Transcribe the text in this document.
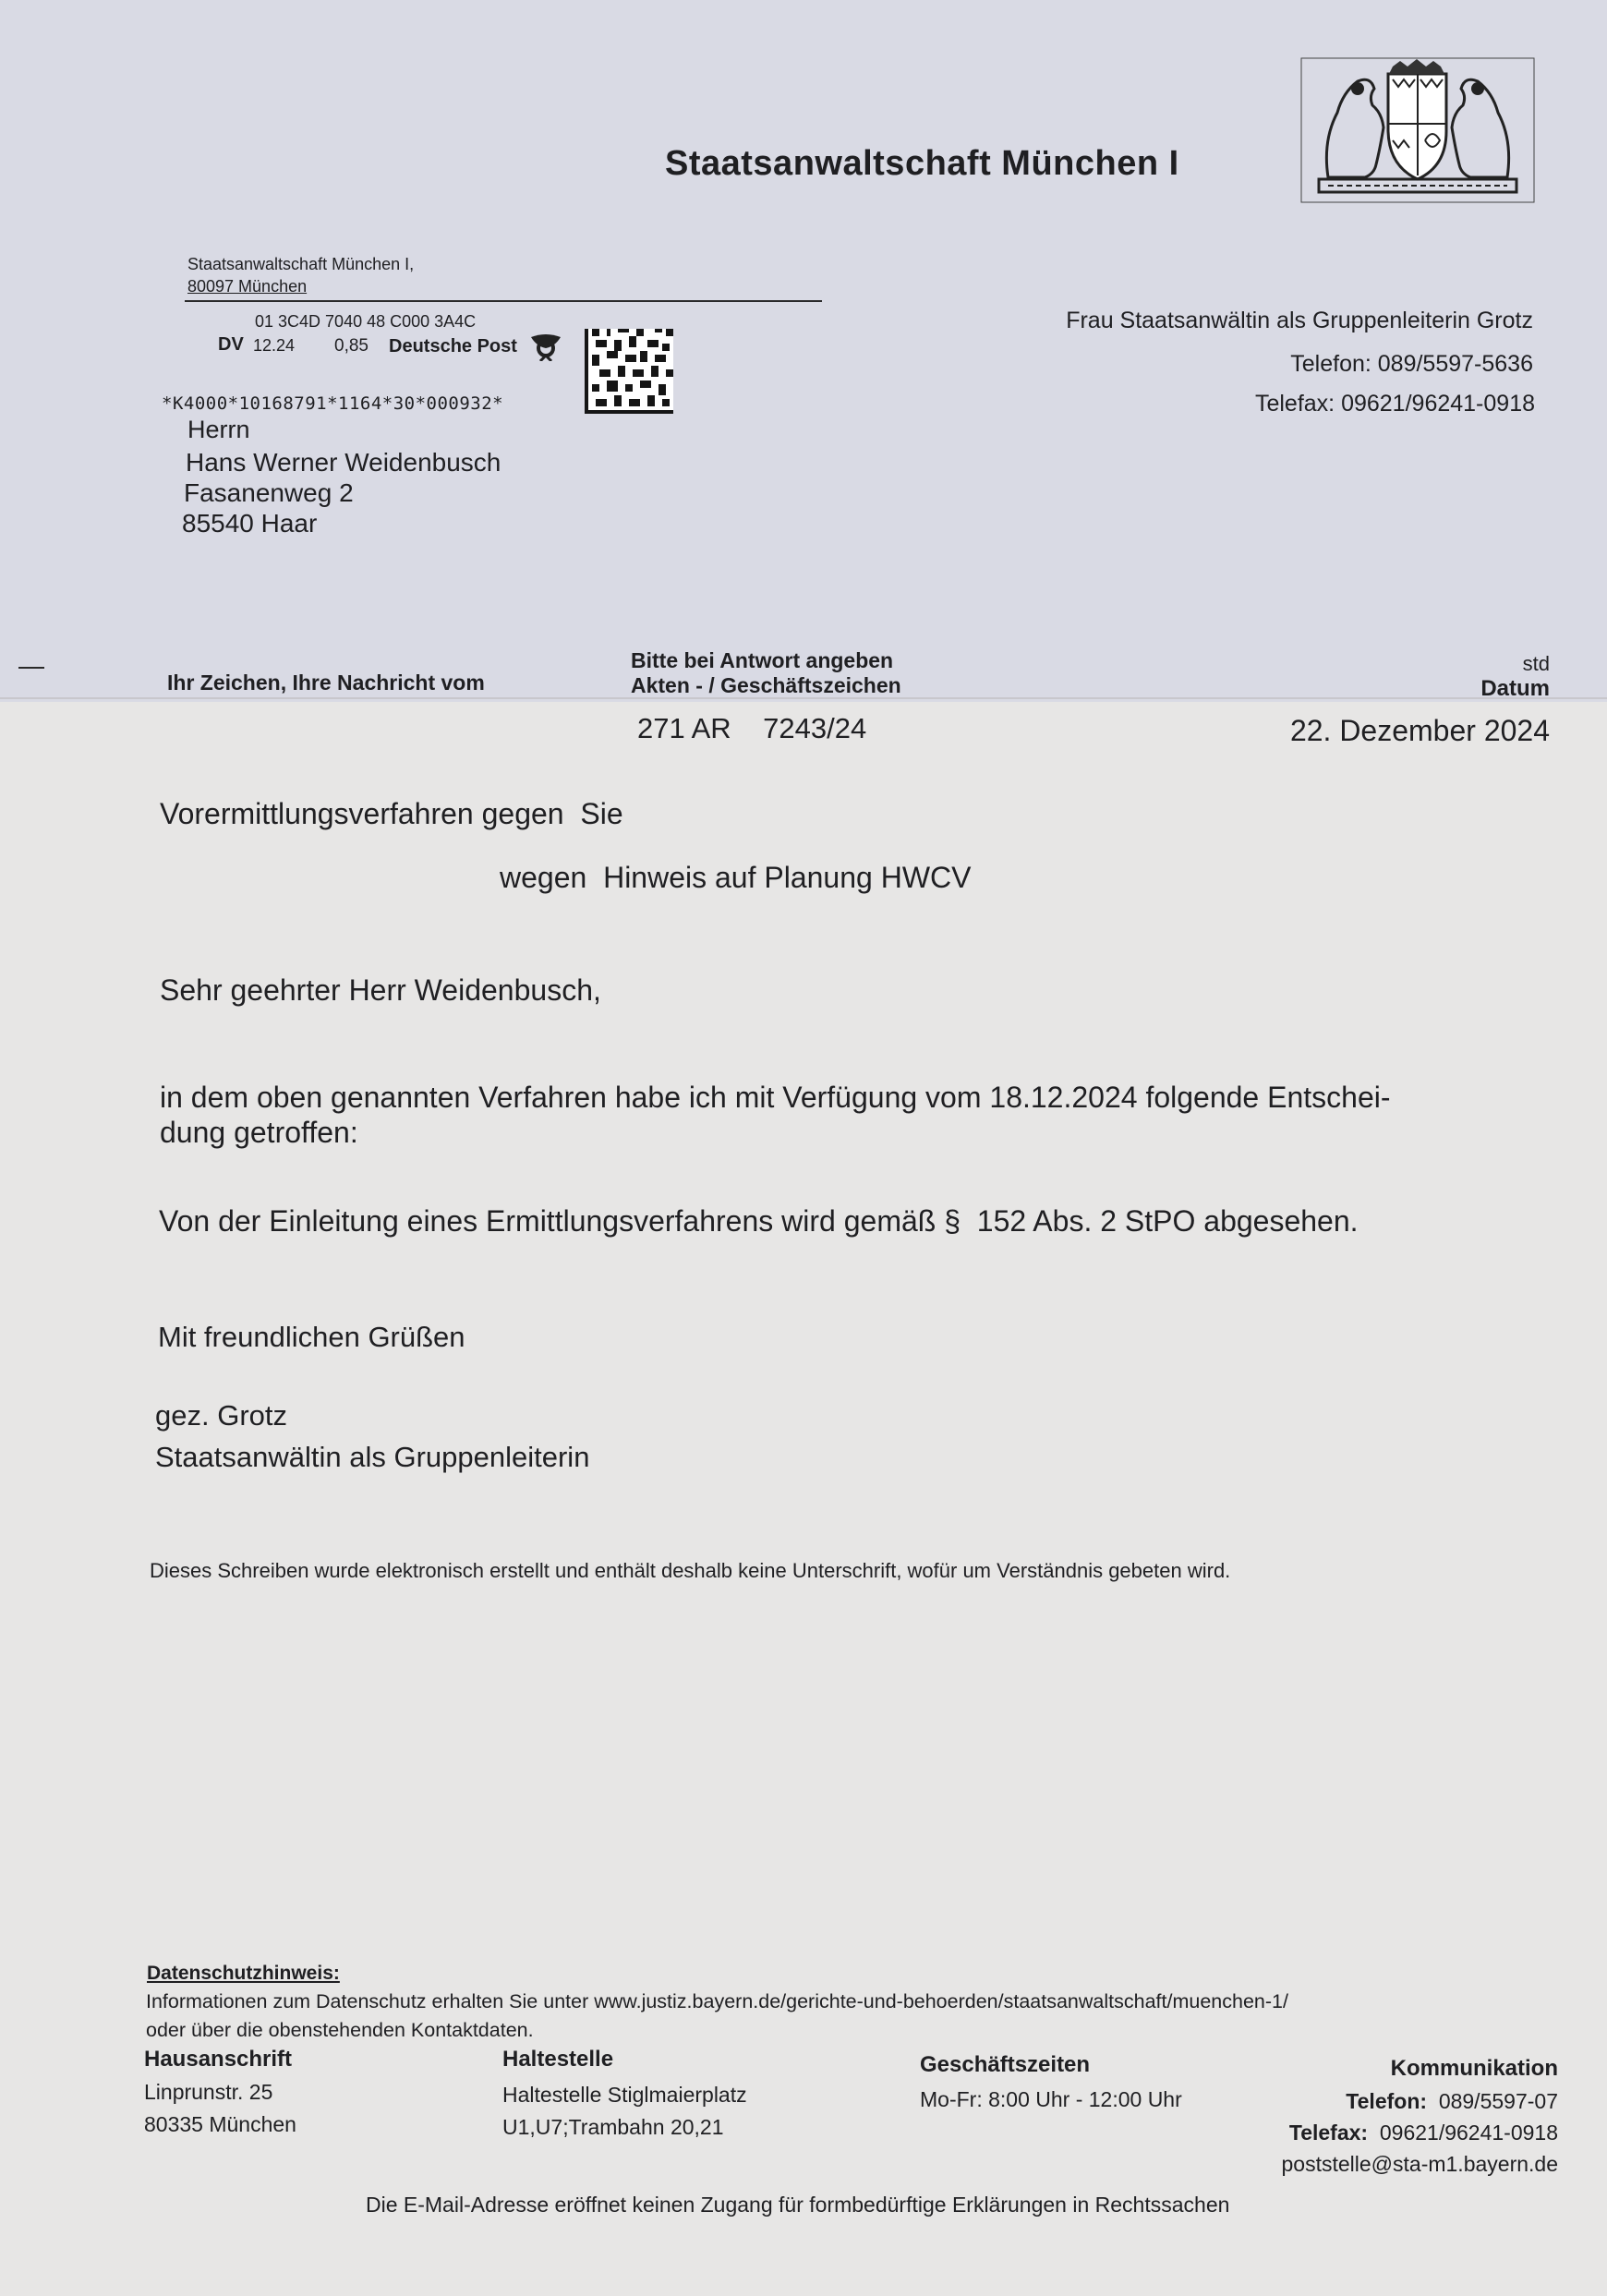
Staatsanwaltschaft München I
Staatsanwaltschaft München I,
80097 München
01 3C4D 7040 48 C000 3A4C
DV 12.24 0,85 Deutsche Post
*K4000*10168791*1164*30*000932*
Herrn
Hans Werner Weidenbusch
Fasanenweg 2
85540 Haar
Frau Staatsanwältin als Gruppenleiterin Grotz
Telefon: 089/5597-5636
Telefax: 09621/96241-0918
Ihr Zeichen, Ihre Nachricht vom
Bitte bei Antwort angeben
Akten - / Geschäftszeichen
271 AR    7243/24
std
Datum
22. Dezember 2024
Vorermittlungsverfahren gegen  Sie
wegen  Hinweis auf Planung HWCV
Sehr geehrter Herr Weidenbusch,
in dem oben genannten Verfahren habe ich mit Verfügung vom 18.12.2024 folgende Entschei-
dung getroffen:
Von der Einleitung eines Ermittlungsverfahrens wird gemäß §  152 Abs. 2 StPO abgesehen.
Mit freundlichen Grüßen
gez. Grotz
Staatsanwältin als Gruppenleiterin
Dieses Schreiben wurde elektronisch erstellt und enthält deshalb keine Unterschrift, wofür um Verständnis gebeten wird.
Datenschutzhinweis:
Informationen zum Datenschutz erhalten Sie unter www.justiz.bayern.de/gerichte-und-behoerden/staatsanwaltschaft/muenchen-1/
oder über die obenstehenden Kontaktdaten.
Hausanschrift
Linprunstr. 25
80335 München
Haltestelle
Haltestelle Stiglmaierplatz
U1,U7;Trambahn 20,21
Geschäftszeiten
Mo-Fr: 8:00 Uhr - 12:00 Uhr
Kommunikation
Telefon: 089/5597-07
Telefax: 09621/96241-0918
poststelle@sta-m1.bayern.de
Die E-Mail-Adresse eröffnet keinen Zugang für formbedürftige Erklärungen in Rechtssachen
